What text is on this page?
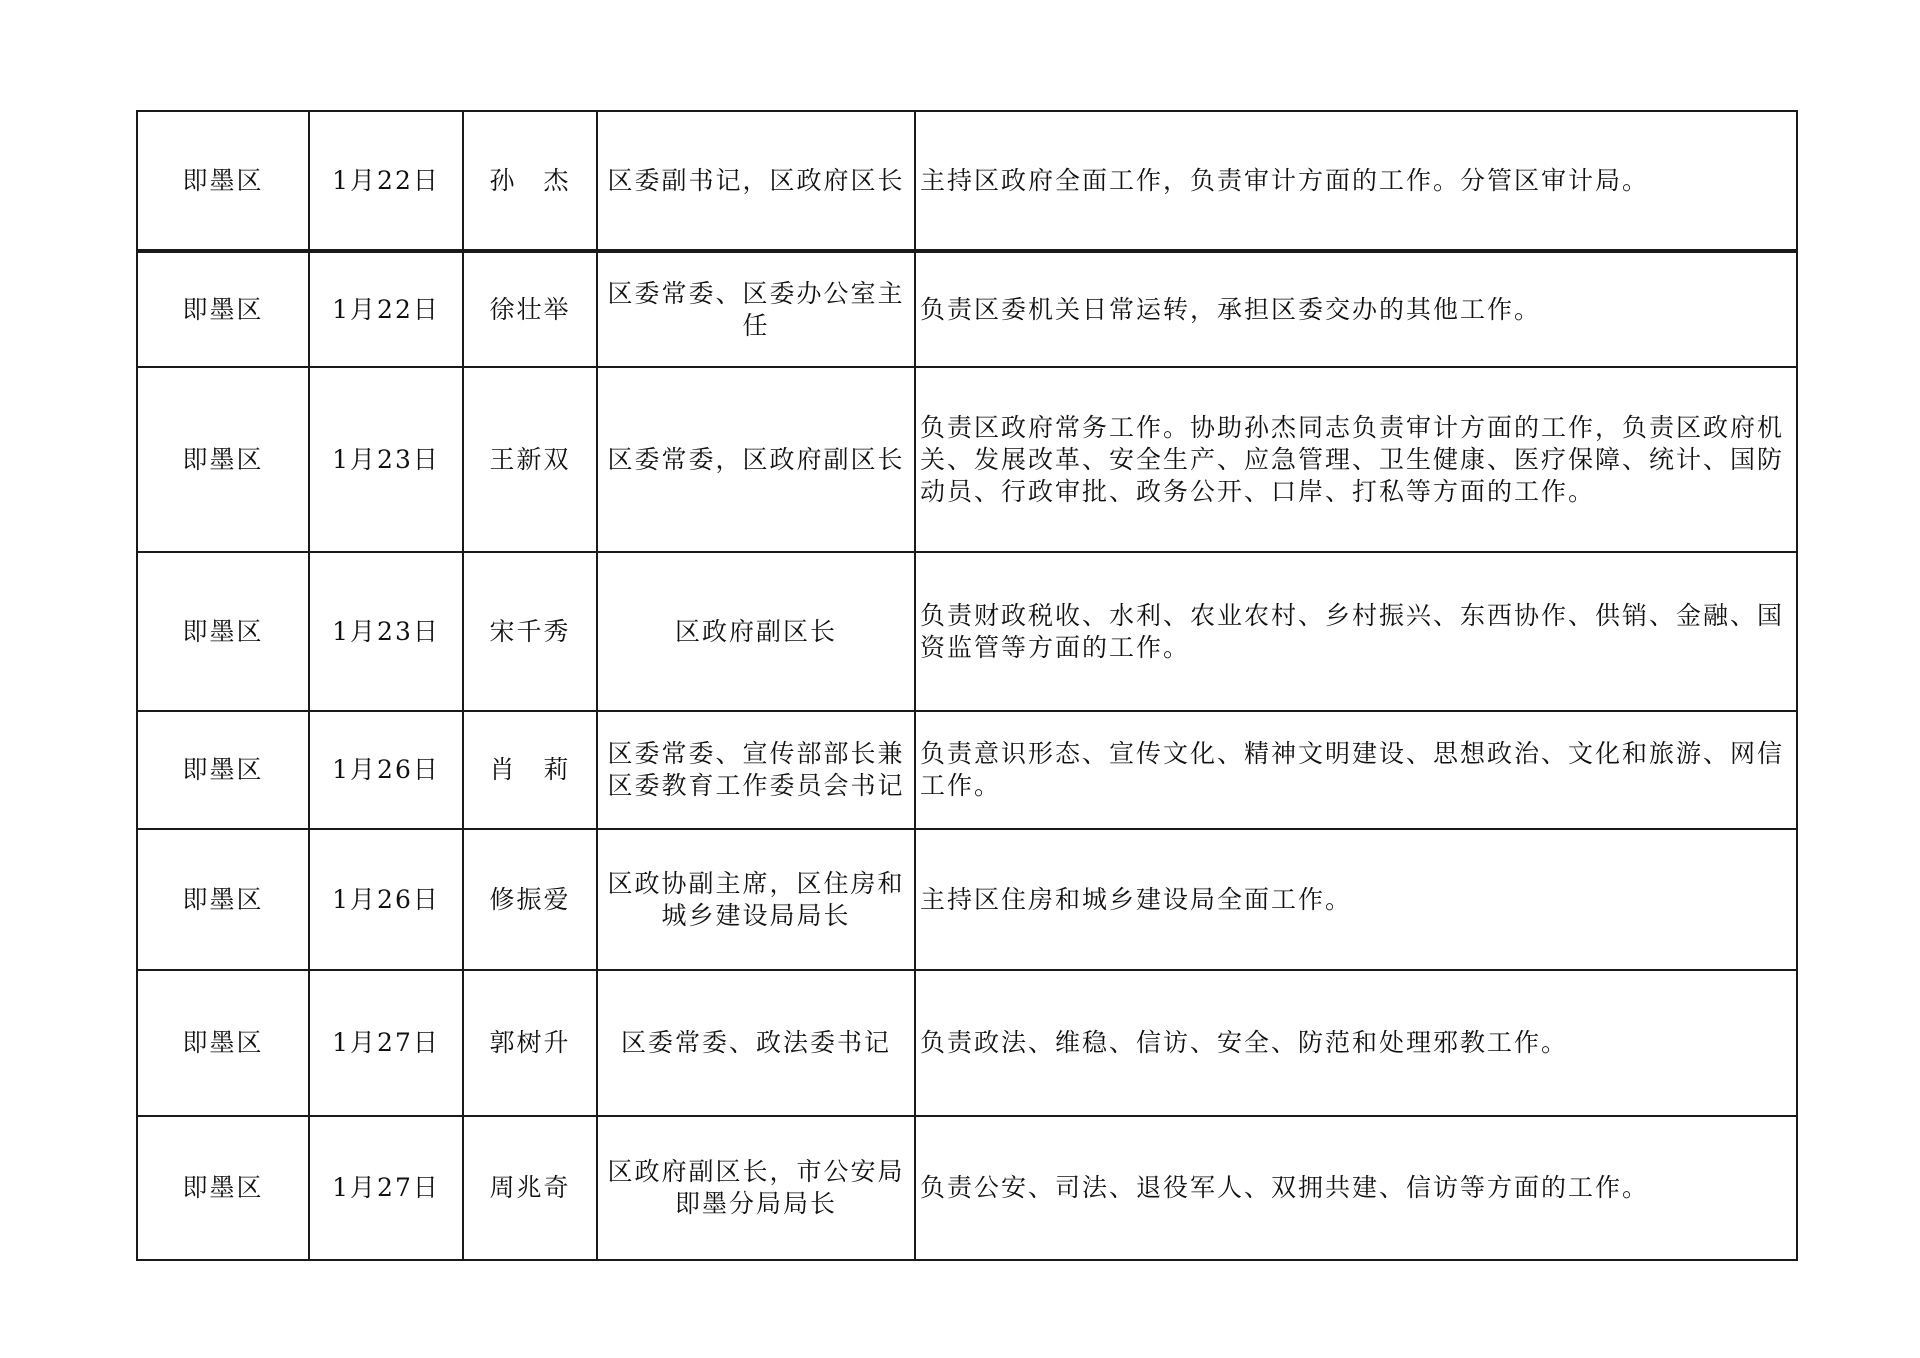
即墨区	1月22日	孙　杰	区委副书记，区政府区长	主持区政府全面工作，负责审计方面的工作。分管区审计局。
即墨区	1月22日	徐壮举	区委常委、区委办公室主任	负责区委机关日常运转，承担区委交办的其他工作。
即墨区	1月23日	王新双	区委常委，区政府副区长	负责区政府常务工作。协助孙杰同志负责审计方面的工作，负责区政府机关、发展改革、安全生产、应急管理、卫生健康、医疗保障、统计、国防动员、行政审批、政务公开、口岸、打私等方面的工作。
即墨区	1月23日	宋千秀	区政府副区长	负责财政税收、水利、农业农村、乡村振兴、东西协作、供销、金融、国资监管等方面的工作。
即墨区	1月26日	肖　莉	区委常委、宣传部部长兼区委教育工作委员会书记	负责意识形态、宣传文化、精神文明建设、思想政治、文化和旅游、网信工作。
即墨区	1月26日	修振爱	区政协副主席，区住房和城乡建设局局长	主持区住房和城乡建设局全面工作。
即墨区	1月27日	郭树升	区委常委、政法委书记	负责政法、维稳、信访、安全、防范和处理邪教工作。
即墨区	1月27日	周兆奇	区政府副区长，市公安局即墨分局局长	负责公安、司法、退役军人、双拥共建、信访等方面的工作。
